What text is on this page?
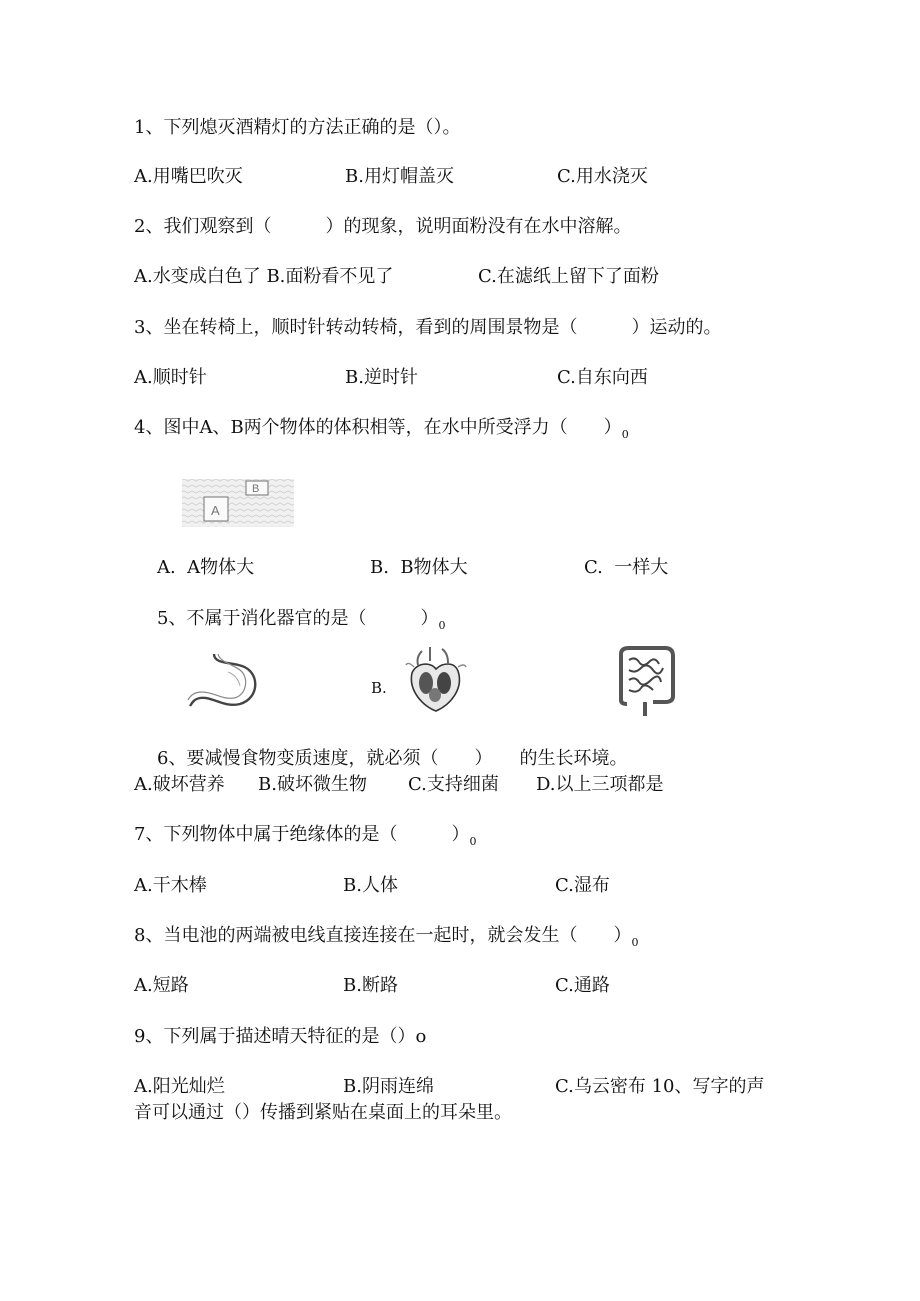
1、下列熄灭酒精灯的方法正确的是（）。
A.用嘴巴吹灭	B.用灯帽盖灭	C.用水浇灭
2、我们观察到（　　　）的现象，说明面粉没有在水中溶解。
A.水变成白色了 B.面粉看不见了	C.在滤纸上留下了面粉
3、坐在转椅上，顺时针转动转椅，看到的周围景物是（　　　）运动的。
A.顺时针	B.逆时针	C.自东向西
4、图中A、B两个物体的体积相等，在水中所受浮力（　　）$_0$
A
B
A.  A物体大	B.  B物体大	C.  一样大
5、不属于消化器官的是（　　　）$_0$
B.
6、要减慢食物变质速度，就必须（　　）　　的生长环境。
A.破坏营养 B.破坏微生物 C.支持细菌 D.以上三项都是
7、下列物体中属于绝缘体的是（　　　）$_0$
A.干木棒	B.人体	C.湿布
8、当电池的两端被电线直接连接在一起时，就会发生（　　）$_0$
A.短路	B.断路	C.通路
9、下列属于描述晴天特征的是（）o
A.阳光灿烂	B.阴雨连绵	C.乌云密布 10、写字的声
音可以通过（）传播到紧贴在桌面上的耳朵里。
